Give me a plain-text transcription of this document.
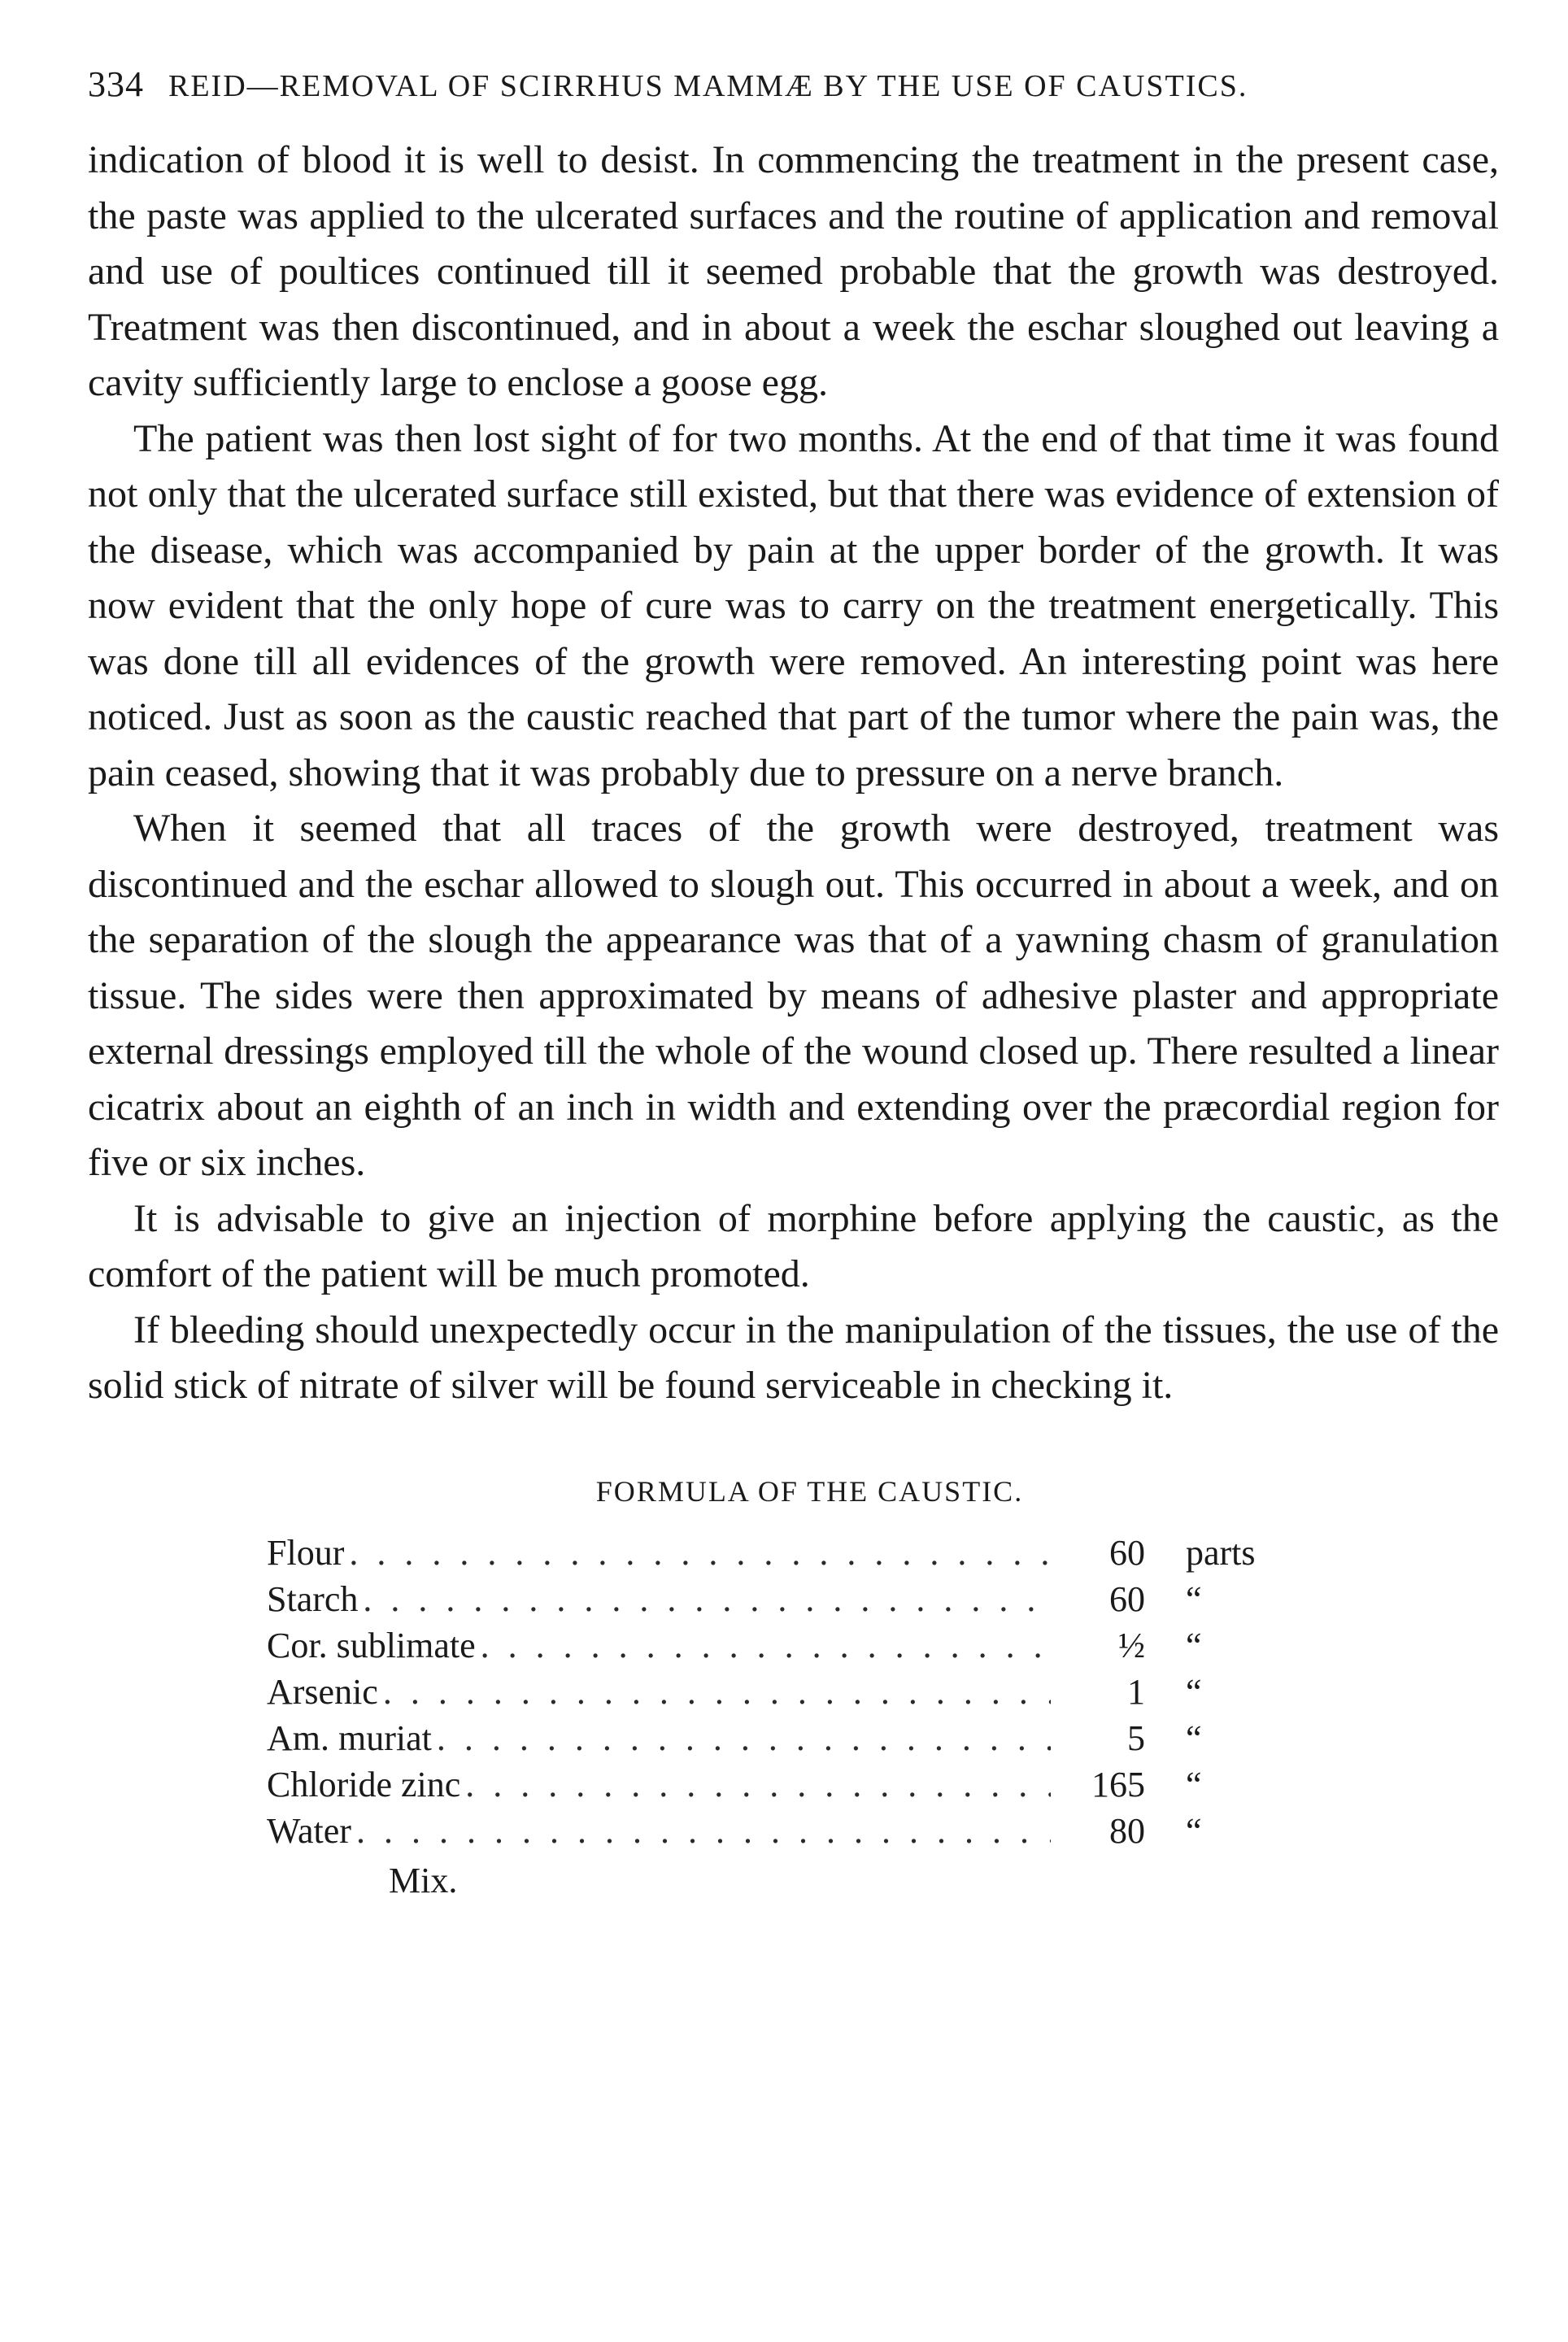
334 REID—REMOVAL OF SCIRRHUS MAMMÆ BY THE USE OF CAUSTICS.

indication of blood it is well to desist. In commencing the treatment in the present case, the paste was applied to the ulcerated surfaces and the routine of application and removal and use of poultices continued till it seemed probable that the growth was destroyed. Treatment was then discontinued, and in about a week the eschar sloughed out leaving a cavity sufficiently large to enclose a goose egg.

The patient was then lost sight of for two months. At the end of that time it was found not only that the ulcerated surface still existed, but that there was evidence of extension of the disease, which was accompanied by pain at the upper border of the growth. It was now evident that the only hope of cure was to carry on the treatment energetically. This was done till all evidences of the growth were removed. An interesting point was here noticed. Just as soon as the caustic reached that part of the tumor where the pain was, the pain ceased, showing that it was probably due to pressure on a nerve branch.

When it seemed that all traces of the growth were destroyed, treatment was discontinued and the eschar allowed to slough out. This occurred in about a week, and on the separation of the slough the appearance was that of a yawning chasm of granulation tissue. The sides were then approximated by means of adhesive plaster and appropriate external dressings employed till the whole of the wound closed up. There resulted a linear cicatrix about an eighth of an inch in width and extending over the præcordial region for five or six inches.

It is advisable to give an injection of morphine before applying the caustic, as the comfort of the patient will be much promoted.

If bleeding should unexpectedly occur in the manipulation of the tissues, the use of the solid stick of nitrate of silver will be found serviceable in checking it.

FORMULA OF THE CAUSTIC.
Flour . . .	60	parts
Starch . . .	60	“
Cor. sublimate . . .	½	“
Arsenic . . .	1	“
Am. muriat . . .	5	“
Chloride zinc . . .	165	“
Water . . .	80	“
Mix.
